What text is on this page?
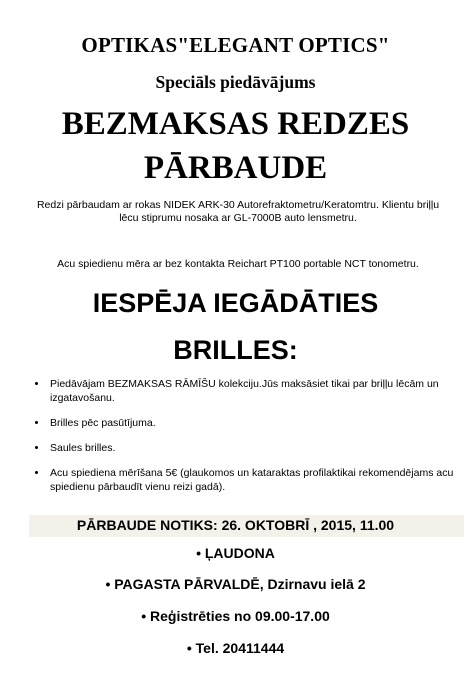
OPTIKAS"ELEGANT OPTICS"
Speciāls piedāvājums
BEZMAKSAS REDZES
PĀRBAUDE
Redzi pārbaudam ar rokas NIDEK ARK-30 Autorefraktometru/Keratomtru. Klientu briļļu lēcu stiprumu nosaka ar GL-7000B auto lensmetru.
Acu spiedienu mēra ar bez kontakta Reichart PT100 portable NCT tonometru.
IESPĒJA IEGĀDĀTIES
BRILLES:
• Piedāvājam BEZMAKSAS RĀMĪŠU kolekciju.Jūs maksāsiet tikai par briļļu lēcām un izgatavošanu.
• Brilles pēc pasūtījuma.
• Saules brilles.
• Acu spiediena mērīšana 5€ (glaukomos un kataraktas profilaktikai rekomendējams acu spiedienu pārbaudīt vienu reizi gadā).
PĀRBAUDE NOTIKS: 26. OKTOBRĪ , 2015, 11.00
• ĻAUDONA
• PAGASTA PĀRVALDĒ, Dzirnavu ielā 2
• Reģistrēties no 09.00-17.00
• Tel. 20411444
